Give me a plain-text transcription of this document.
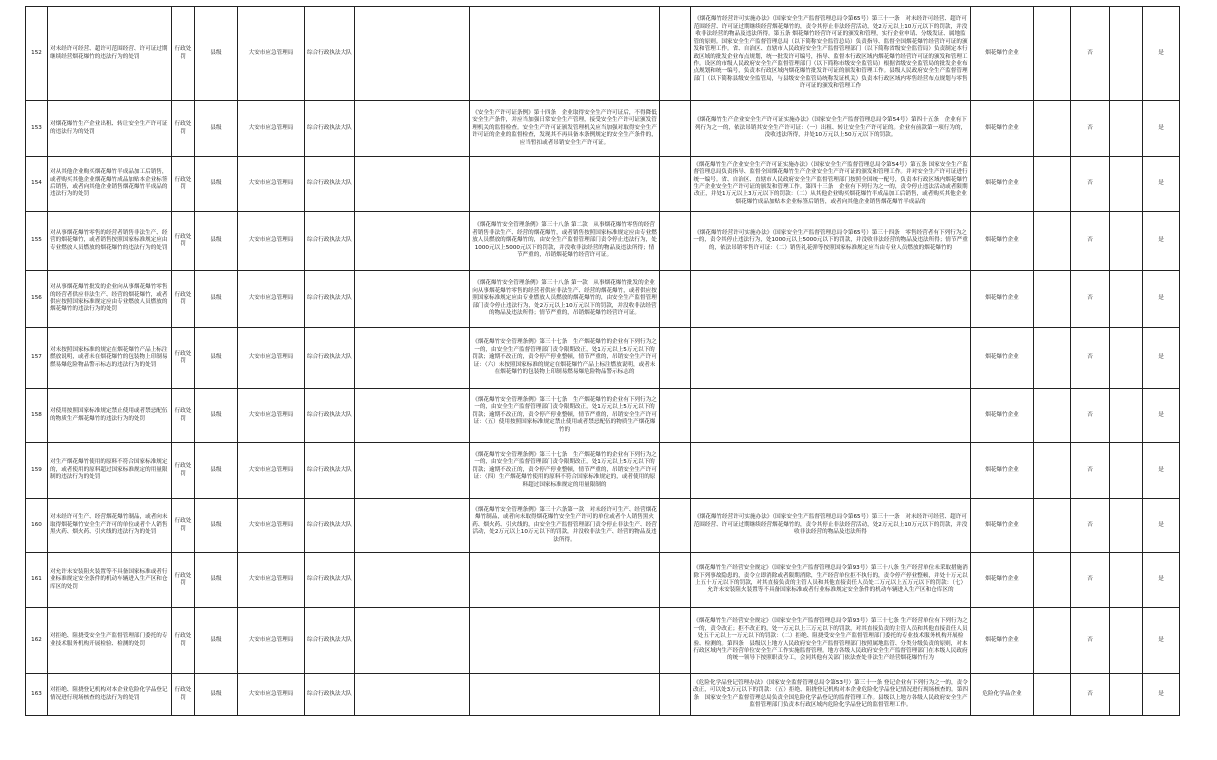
152	对未经许可经营、超许可范围经营、许可证过期继续经营烟花爆竹的违法行为的处罚	行政处罚	县级	大安市应急管理局	综合行政执法大队				《烟花爆竹经营许可实施办法》（国家安全生产监督管理总局令第65号）第三十一条　对未经许可经营、超许可范围经营、许可证过期继续经营烟花爆竹的，责令其停止非法经营活动，处2万元以上10万元以下的罚款，并没收非法经营的物品及违法所得。第五条 烟花爆竹经营许可证的颁发和管理，实行企业申请、分级发证、属地监管的原则。国家安全生产监督管理总局（以下简称安全监管总局）负责指导、监督全国烟花爆竹经营许可证的颁发和管理工作。省、自治区、直辖市人民政府安全生产监督管理部门（以下简称省级安全监管局）负责制定本行政区域的批发企业布点规划，统一批发许可编号，指导、监督本行政区域内烟花爆竹经营许可证的颁发和管理工作。设区的市级人民政府安全生产监督管理部门（以下简称市级安全监管局）根据省级安全监管局的批发企业布点规划和统一编号，负责本行政区域内烟花爆竹批发许可证的颁发和管理工作。县级人民政府安全生产监督管理部门（以下简称县级安全监管局，与县级安全监管局统称发证机关）负责本行政区域内零售经营布点规划与零售许可证的颁发和管理工作	烟花爆竹企业		否		是
153	对烟花爆竹生产企业出租、转让安全生产许可证的违法行为的处罚	行政处罚	县级	大安市应急管理局	综合行政执法大队		《安全生产许可证条例》第十四条　企业取得安全生产许可证后，不得降低安全生产条件，并应当加强日常安全生产管理，接受安全生产许可证颁发管理机关的监督检查。安全生产许可证颁发管理机关应当加强对取得安全生产许可证的企业的监督检查，发现其不再具备本条例规定的安全生产条件的，应当暂扣或者吊销安全生产许可证。		《烟花爆竹生产企业安全生产许可证实施办法》（国家安全生产监督管理总局令第54号）第四十五条　企业有下列行为之一的，依法吊销其安全生产许可证：（一）出租、转让安全生产许可证的。企业有前款第一项行为的，没收违法所得，并处10万元以上50万元以下的罚款。	烟花爆竹企业		否		是
154	对从其他企业购买烟花爆竹半成品加工后销售，或者购买其他企业烟花爆竹成品加贴本企业标签后销售，或者向其他企业销售烟花爆竹半成品的违法行为的处罚	行政处罚	县级	大安市应急管理局	综合行政执法大队				《烟花爆竹生产企业安全生产许可证实施办法》（国家安全生产监督管理总局令第54号）第五条 国家安全生产监督管理总局负责指导、监督全国烟花爆竹生产企业安全生产许可证的颁发和管理工作。并对安全生产许可证进行统一编号。省、自治区、直辖市人民政府安全生产监督管理部门按照全国统一配号，负责本行政区域内烟花爆竹生产企业安全生产许可证的颁发和管理工作。第四十三条　企业有下列行为之一的，责令停止违法活动或者限期改正，并处1万元以上3万元以下的罚款：（二）从其他企业购买烟花爆竹半成品加工后销售，或者购买其他企业烟花爆竹成品加贴本企业标签后销售，或者向其他企业销售烟花爆竹半成品的	烟花爆竹企业		否		是
155	对从事烟花爆竹零售的经营者销售非法生产、经营的烟花爆竹，或者销售按照国家标准规定应由专业燃放人员燃放的烟花爆竹的违法行为的处罚	行政处罚	县级	大安市应急管理局	综合行政执法大队		《烟花爆竹安全管理条例》第三十八条 第二款　从事烟花爆竹零售的经营者销售非法生产、经营的烟花爆竹，或者销售按照国家标准规定应由专业燃放人员燃放的烟花爆竹的，由安全生产监督管理部门责令停止违法行为，处1000元以上5000元以下的罚款，并没收非法经营的物品及违法所得；情节严重的，吊销烟花爆竹经营许可证。		《烟花爆竹经营许可实施办法》（国家安全生产监督管理总局令第65号）第三十四条　零售经营者有下列行为之一的，责令其停止违法行为，处1000元以上5000元以下的罚款，并没收非法经营的物品及违法所得；情节严重的，依法吊销零售许可证：（二）销售礼花弹等按照国家标准规定应当由专业人员燃放的烟花爆竹的	烟花爆竹企业		否		是
156	对从事烟花爆竹批发的企业向从事烟花爆竹零售的经营者供应非法生产、经营的烟花爆竹，或者供应按照国家标准规定应由专业燃放人员燃放的烟花爆竹的违法行为的处罚	行政处罚	县级	大安市应急管理局	综合行政执法大队		《烟花爆竹安全管理条例》第三十八条 第一款　从事烟花爆竹批发的企业向从事烟花爆竹零售的经营者供应非法生产、经营的烟花爆竹，或者供应按照国家标准规定应由专业燃放人员燃放的烟花爆竹的，由安全生产监督管理部门责令停止违法行为，处2万元以上10万元以下的罚款，并没收非法经营的物品及违法所得；情节严重的，吊销烟花爆竹经营许可证。			烟花爆竹企业		否		是
157	对未按照国家标准的规定在烟花爆竹产品上标注燃放说明，或者未在烟花爆竹的包装物上印制易燃易爆危险物品警示标志的违法行为的处罚	行政处罚	县级	大安市应急管理局	综合行政执法大队		《烟花爆竹安全管理条例》第三十七条　生产烟花爆竹的企业有下列行为之一的，由安全生产监督管理部门责令限期改正，处1万元以上5万元以下的罚款；逾期不改正的，责令停产停业整顿，情节严重的，吊销安全生产许可证：（六）未按照国家标准的规定在烟花爆竹产品上标注燃放说明，或者未在烟花爆竹的包装物上印制易燃易爆危险物品警示标志的			烟花爆竹企业		否		是
158	对使用按照国家标准规定禁止使用或者禁忌配伍的物质生产烟花爆竹的违法行为的处罚	行政处罚	县级	大安市应急管理局	综合行政执法大队		《烟花爆竹安全管理条例》第三十七条　生产烟花爆竹的企业有下列行为之一的，由安全生产监督管理部门责令限期改正，处1万元以上5万元以下的罚款；逾期不改正的，责令停产停业整顿，情节严重的，吊销安全生产许可证：（五）使用按照国家标准规定禁止使用或者禁忌配伍的物质生产烟花爆竹的			烟花爆竹企业		否		是
159	对生产烟花爆竹使用的原料不符合国家标准规定的，或者使用的原料超过国家标准规定的用量限制的违法行为的处罚	行政处罚	县级	大安市应急管理局	综合行政执法大队		《烟花爆竹安全管理条例》第三十七条　生产烟花爆竹的企业有下列行为之一的，由安全生产监督管理部门责令限期改正，处1万元以上5万元以下的罚款；逾期不改正的，责令停产停业整顿，情节严重的，吊销安全生产许可证：（四）生产烟花爆竹使用的原料不符合国家标准规定的，或者使用的原料超过国家标准规定的用量限制的			烟花爆竹企业		否		是
160	对未经许可生产、经营烟花爆竹制品，或者向未取得烟花爆竹安全生产许可的单位或者个人销售黑火药、烟火药、引火线的违法行为的处罚	行政处罚	县级	大安市应急管理局	综合行政执法大队		《烟花爆竹安全管理条例》第三十六条第一款　对未经许可生产、经营烟花爆竹制品，或者向未取得烟花爆竹安全生产许可的单位或者个人销售黑火药、烟火药、引火线的，由安全生产监督管理部门责令停止非法生产、经营活动，处2万元以上10万元以下的罚款，并没收非法生产、经营的物品及违法所得。		《烟花爆竹经营许可实施办法》（国家安全生产监督管理总局令第65号）第三十一条　对未经许可经营、超许可范围经营、许可证过期继续经营烟花爆竹的，责令其停止非法经营活动，处2万元以上10万元以下的罚款，并没收非法经营的物品及违法所得	烟花爆竹企业		否		是
161	对允许未安装阻火装置等不具备国家标准或者行业标准规定安全条件的机动车辆进入生产区和仓库区的处罚	行政处罚	县级	大安市应急管理局	综合行政执法大队				《烟花爆竹生产经营安全规定》（国家安全生产监督管理总局令第93号）第三十八条 生产经营单位未采取措施消除下列事故隐患的，责令立即消除或者限期消除，生产经营单位拒不执行的，责令停产停业整顿，并处十万元以上五十万元以下的罚款，对其直接负责的主管人员和其他直接责任人员处二万元以上五万元以下的罚款：（七）允许未安装阻火装置等不具备国家标准或者行业标准规定安全条件的机动车辆进入生产区和仓库区的	烟花爆竹企业		否		是
162	对拒绝、阻挠受安全生产监督管理部门委托的专业技术服务机构开展检验、检测的处罚	行政处罚	县级	大安市应急管理局	综合行政执法大队				《烟花爆竹生产经营安全规定》（国家安全生产监督管理总局令第93号）第三十七条 生产经营单位有下列行为之一的，责令改正；拒不改正的，处一万元以上三万元以下的罚款，对其直接负责的主管人员和其他直接责任人员处五千元以上一万元以下的罚款：（二）拒绝、阻挠受安全生产监督管理部门委托的专业技术服务机构开展检验、检测的。第四条　县级以上地方人民政府安全生产监督管理部门按照属地监管、分类分级负责的原则，对本行政区域内生产经营单位安全生产工作实施监督管理。地方各级人民政府安全生产监督管理部门在本级人民政府的统一领导下按照职责分工，会同其他有关部门依法查处非法生产经营烟花爆竹行为	烟花爆竹企业		否		是
163	对拒绝、阻挠登记机构对本企业危险化学品登记情况进行现场核查的违法行为的处罚	行政处罚	县级	大安市应急管理局	综合行政执法大队				《危险化学品登记管理办法》（国家安全监督管理总局令第53号）第三十一条 登记企业有下列行为之一的，责令改正，可以处3万元以下的罚款：（五）拒绝、阻挠登记机构对本企业危险化学品登记情况进行现场核查的。第四条　国家安全生产监督管理总局负责全国危险化学品登记的监督管理工作。县级以上地方各级人民政府安全生产监督管理部门负责本行政区域内危险化学品登记的监督管理工作。	危险化学品企业		否		是
